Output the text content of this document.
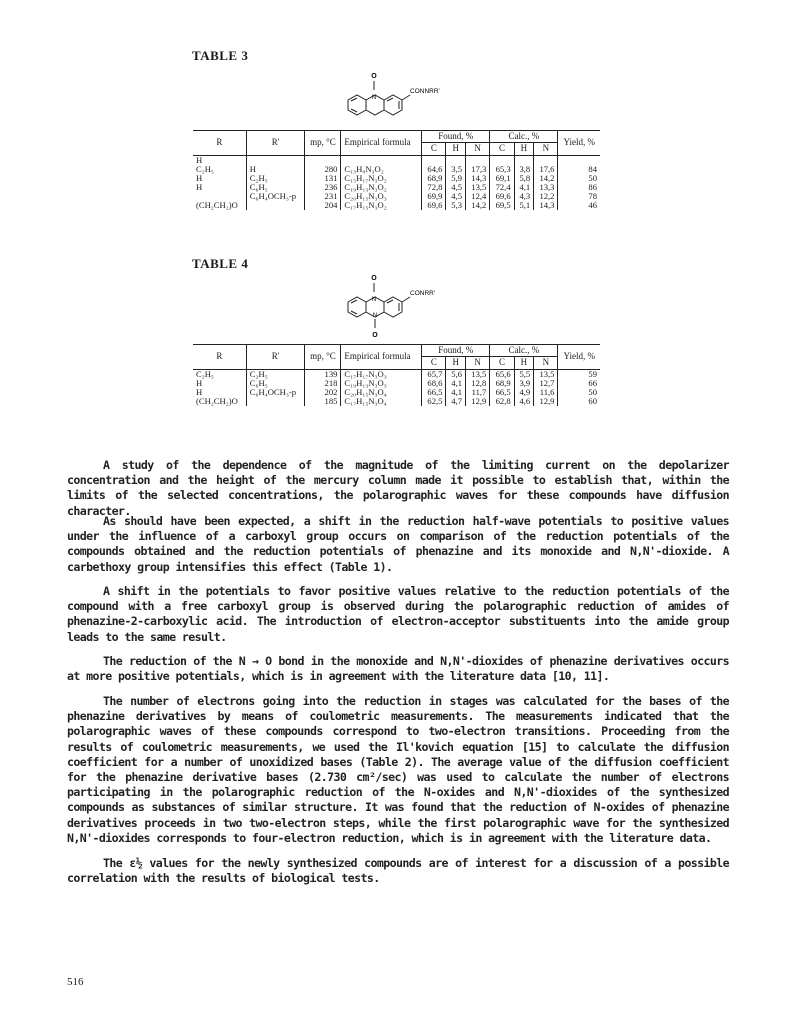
TABLE 3
O
N
CONNRR'
R	R'	mp, °C	Empirical formula	Found, %			Calc., %			Yield, %
				C	H	N	C	H	N	
H										
C₂H₅	H	280	C₁₃H₉N₃O₂	64,6	3,5	17,3	65,3	3,8	17,6	84
H	C₂H₅	131	C₁₅H₁₇N₃O₂	68,9	5,9	14,3	69,1	5,8	14,2	50
H	C₆H₅	236	C₁₉H₁₃N₃O₂	72,8	4,5	13,5	72,4	4,1	13,3	86
	C₆H₄OCH₃-p	231	C₂₀H₁₅N₃O₃	69,9	4,5	12,4	69,6	4,3	12,2	78
(CH₂CH₂)O		204	C₁₇H₁₅N₃O₂	69,6	5,3	14,2	69,5	5,1	14,3	46
TABLE 4
O
N
N
O
CONRR'
R	R'	mp, °C	Empirical formula	Found, %			Calc., %			Yield, %
				C	H	N	C	H	N	
C₂H₅	C₂H₅	139	C₁₇H₁₇N₃O₃	65,7	5,6	13,5	65,6	5,5	13,5	59
H	C₆H₅	218	C₁₉H₁₃N₃O₃	68,6	4,1	12,8	68,9	3,9	12,7	66
H	C₆H₄OCH₃-p	202	C₂₀H₁₅N₃O₄	66,5	4,1	11,7	66,5	4,9	11,6	50
(CH₂CH₂)O		185	C₁₇H₁₅N₃O₄	62,5	4,7	12,9	62,8	4,6	12,9	60

A study of the dependence of the magnitude of the limiting current on the depolarizer concentration and the height of the mercury column made it possible to establish that, within the limits of the selected concentrations, the polarographic waves for these compounds have diffusion character.

As should have been expected, a shift in the reduction half-wave potentials to positive values under the influence of a carboxyl group occurs on comparison of the reduction potentials of the compounds obtained and the reduction potentials of phenazine and its monoxide and N,N'-dioxide. A carbethoxy group intensifies this effect (Table 1).

A shift in the potentials to favor positive values relative to the reduction potentials of the compound with a free carboxyl group is observed during the polarographic reduction of amides of phenazine-2-carboxylic acid. The introduction of electron-acceptor substituents into the amide group leads to the same result.

The reduction of the N → O bond in the monoxide and N,N'-dioxides of phenazine derivatives occurs at more positive potentials, which is in agreement with the literature data [10, 11].

The number of electrons going into the reduction in stages was calculated for the bases of the phenazine derivatives by means of coulometric measurements. The measurements indicated that the polarographic waves of these compounds correspond to two-electron transitions. Proceeding from the results of coulometric measurements, we used the Il'kovich equation [15] to calculate the diffusion coefficient for a number of unoxidized bases (Table 2). The average value of the diffusion coefficient for the phenazine derivative bases (2.730 cm²/sec) was used to calculate the number of electrons participating in the polarographic reduction of the N-oxides and N,N'-dioxides of the synthesized compounds as substances of similar structure. It was found that the reduction of N-oxides of phenazine derivatives proceeds in two two-electron steps, while the first polarographic wave for the synthesized N,N'-dioxides corresponds to four-electron reduction, which is in agreement with the literature data.

The ε½ values for the newly synthesized compounds are of interest for a discussion of a possible correlation with the results of biological tests.

516
